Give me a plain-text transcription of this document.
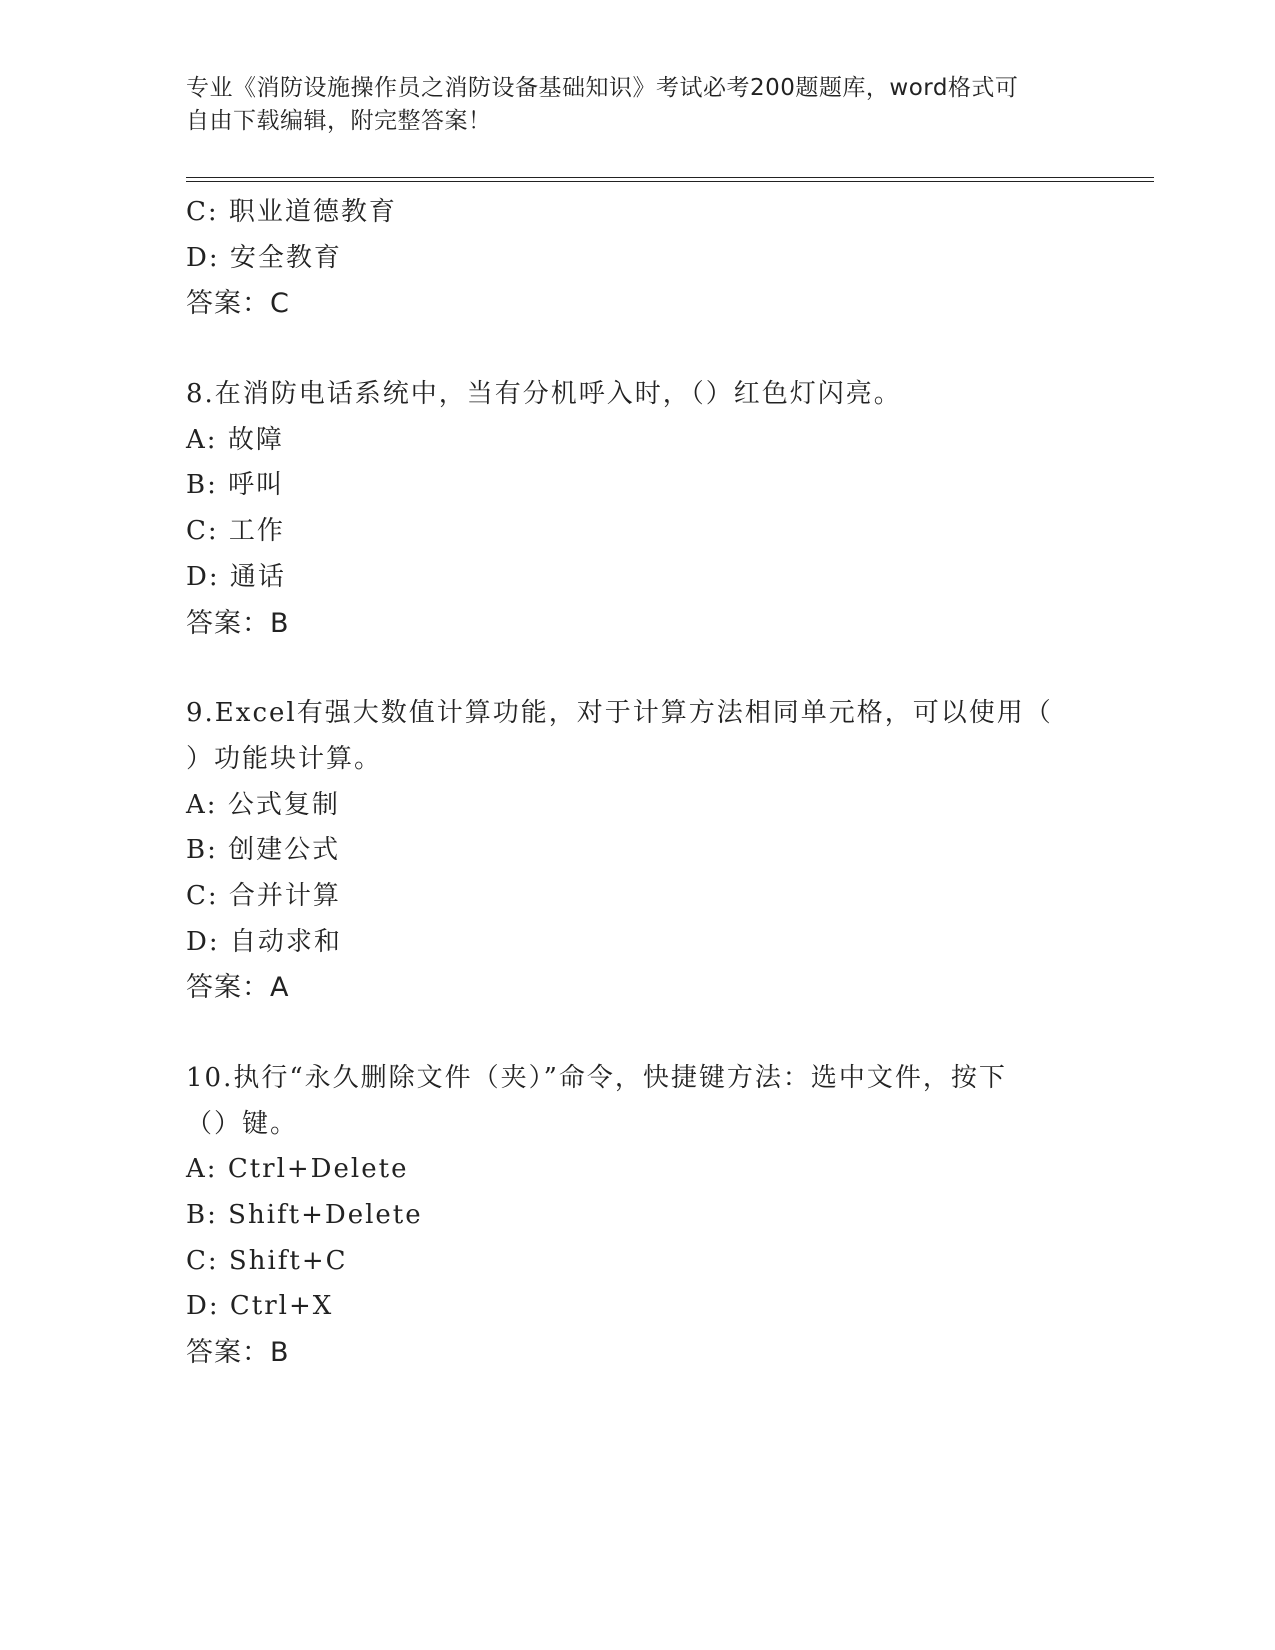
专业《消防设施操作员之消防设备基础知识》考试必考200题题库，word格式可
自由下载编辑，附完整答案！
C: 职业道德教育
D: 安全教育
答案：C
8.在消防电话系统中，当有分机呼入时，（）红色灯闪亮。
A: 故障
B: 呼叫
C: 工作
D: 通话
答案：B
9.Excel有强大数值计算功能，对于计算方法相同单元格，可以使用（
）功能块计算。
A: 公式复制
B: 创建公式
C: 合并计算
D: 自动求和
答案：A
10.执行“永久删除文件（夹）”命令，快捷键方法：选中文件，按下
（）键。
A: Ctrl+Delete
B: Shift+Delete
C: Shift+C
D: Ctrl+X
答案：B
